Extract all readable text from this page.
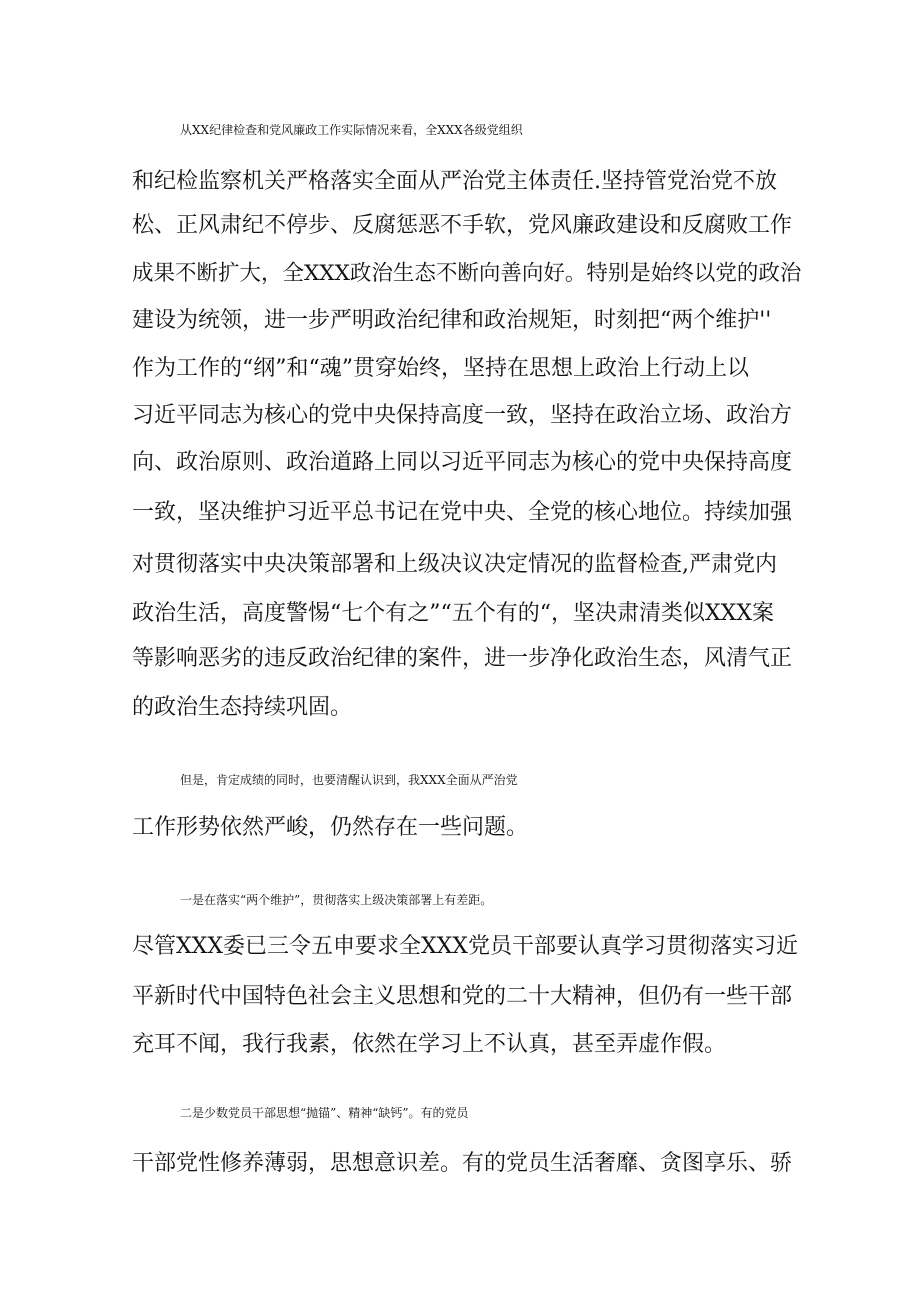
从XX纪律检查和党风廉政工作实际情况来看，全XXX各级党组织
和纪检监察机关严格落实全面从严治党主体责任.坚持管党治党不放
松、正风肃纪不停步、反腐惩恶不手软，党风廉政建设和反腐败工作
成果不断扩大，全XXX政治生态不断向善向好。特别是始终以党的政治
建设为统领，进一步严明政治纪律和政治规矩，时刻把“两个维护''
作为工作的“纲”和“魂”贯穿始终，坚持在思想上政治上行动上以
习近平同志为核心的党中央保持高度一致，坚持在政治立场、政治方
向、政治原则、政治道路上同以习近平同志为核心的党中央保持高度
一致，坚决维护习近平总书记在党中央、全党的核心地位。持续加强
对贯彻落实中央决策部署和上级决议决定情况的监督检查,严肃党内
政治生活，高度警惕“七个有之”“五个有的“，坚决肃清类似XXX案
等影响恶劣的违反政治纪律的案件，进一步净化政治生态，风清气正
的政治生态持续巩固。
但是，肯定成绩的同时，也要清醒认识到，我XXX全面从严治党
工作形势依然严峻，仍然存在一些问题。
一是在落实“两个维护”，贯彻落实上级决策部署上有差距。
尽管XXX委已三令五申要求全XXX党员干部要认真学习贯彻落实习近
平新时代中国特色社会主义思想和党的二十大精神，但仍有一些干部
充耳不闻，我行我素，依然在学习上不认真，甚至弄虚作假。
二是少数党员干部思想“抛锚”、精神“缺钙”。有的党员
干部党性修养薄弱，思想意识差。有的党员生活奢靡、贪图享乐、骄
